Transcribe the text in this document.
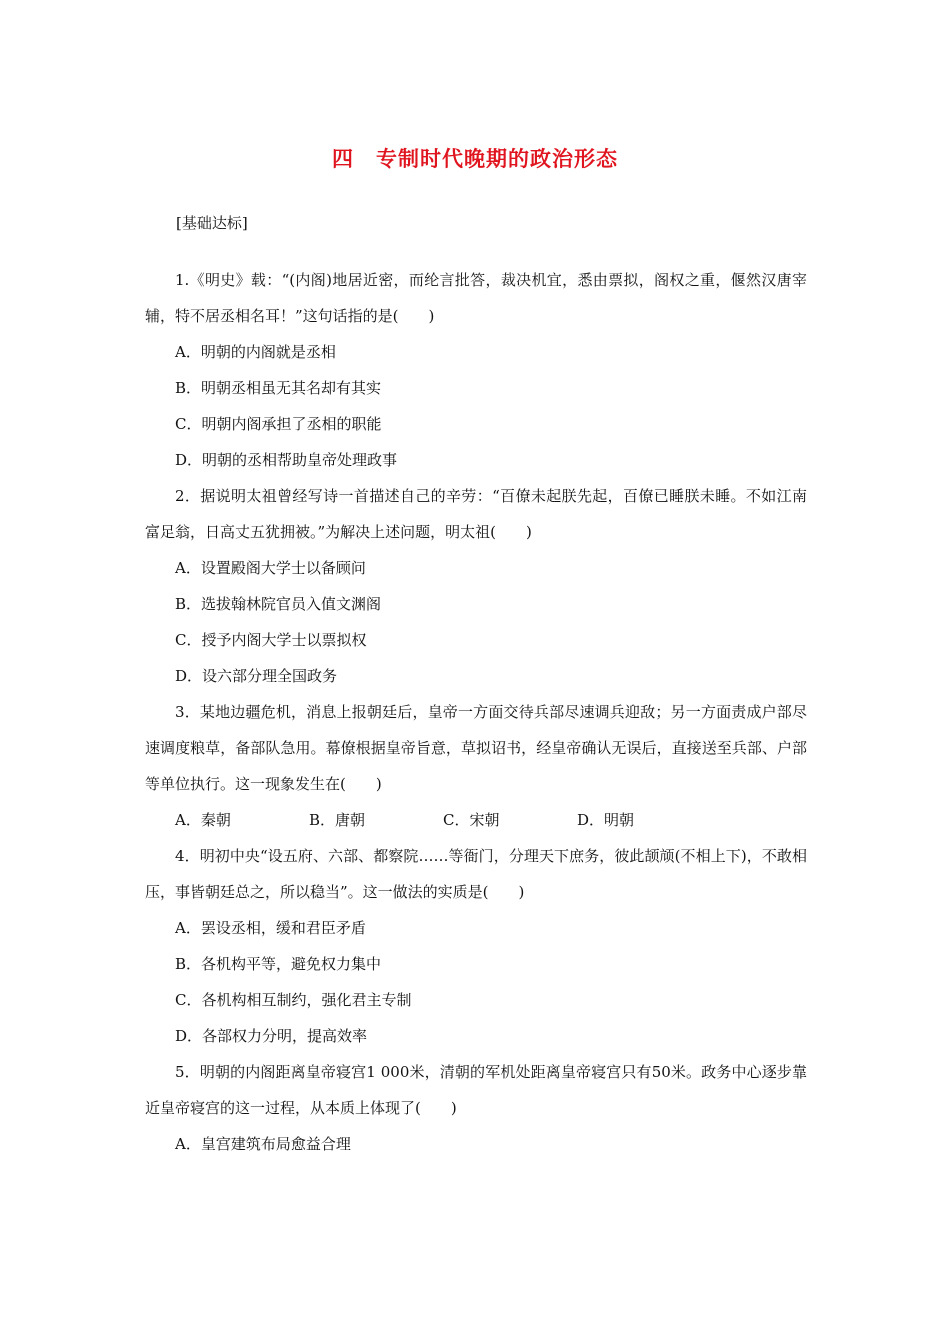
四　专制时代晚期的政治形态
[基础达标]

1.《明史》载：“(内阁)地居近密，而纶言批答，裁决机宜，悉由票拟，阁权之重，偃然汉唐宰辅，特不居丞相名耳！”这句话指的是(　　)

A．明朝的内阁就是丞相

B．明朝丞相虽无其名却有其实

C．明朝内阁承担了丞相的职能

D．明朝的丞相帮助皇帝处理政事

2．据说明太祖曾经写诗一首描述自己的辛劳：“百僚未起朕先起，百僚已睡朕未睡。不如江南富足翁，日高丈五犹拥被。”为解决上述问题，明太祖(　　)

A．设置殿阁大学士以备顾问

B．选拔翰林院官员入值文渊阁

C．授予内阁大学士以票拟权

D．设六部分理全国政务

3．某地边疆危机，消息上报朝廷后，皇帝一方面交待兵部尽速调兵迎敌；另一方面责成户部尽速调度粮草，备部队急用。幕僚根据皇帝旨意，草拟诏书，经皇帝确认无误后，直接送至兵部、户部等单位执行。这一现象发生在(　　)

A．秦朝	B．唐朝	C．宋朝	D．明朝

4．明初中央“设五府、六部、都察院……等衙门，分理天下庶务，彼此颉颃(不相上下)，不敢相压，事皆朝廷总之，所以稳当”。这一做法的实质是(　　)

A．罢设丞相，缓和君臣矛盾

B．各机构平等，避免权力集中

C．各机构相互制约，强化君主专制

D．各部权力分明，提高效率

5．明朝的内阁距离皇帝寝宫1 000米，清朝的军机处距离皇帝寝宫只有50米。政务中心逐步靠近皇帝寝宫的这一过程，从本质上体现了(　　)

A．皇宫建筑布局愈益合理
